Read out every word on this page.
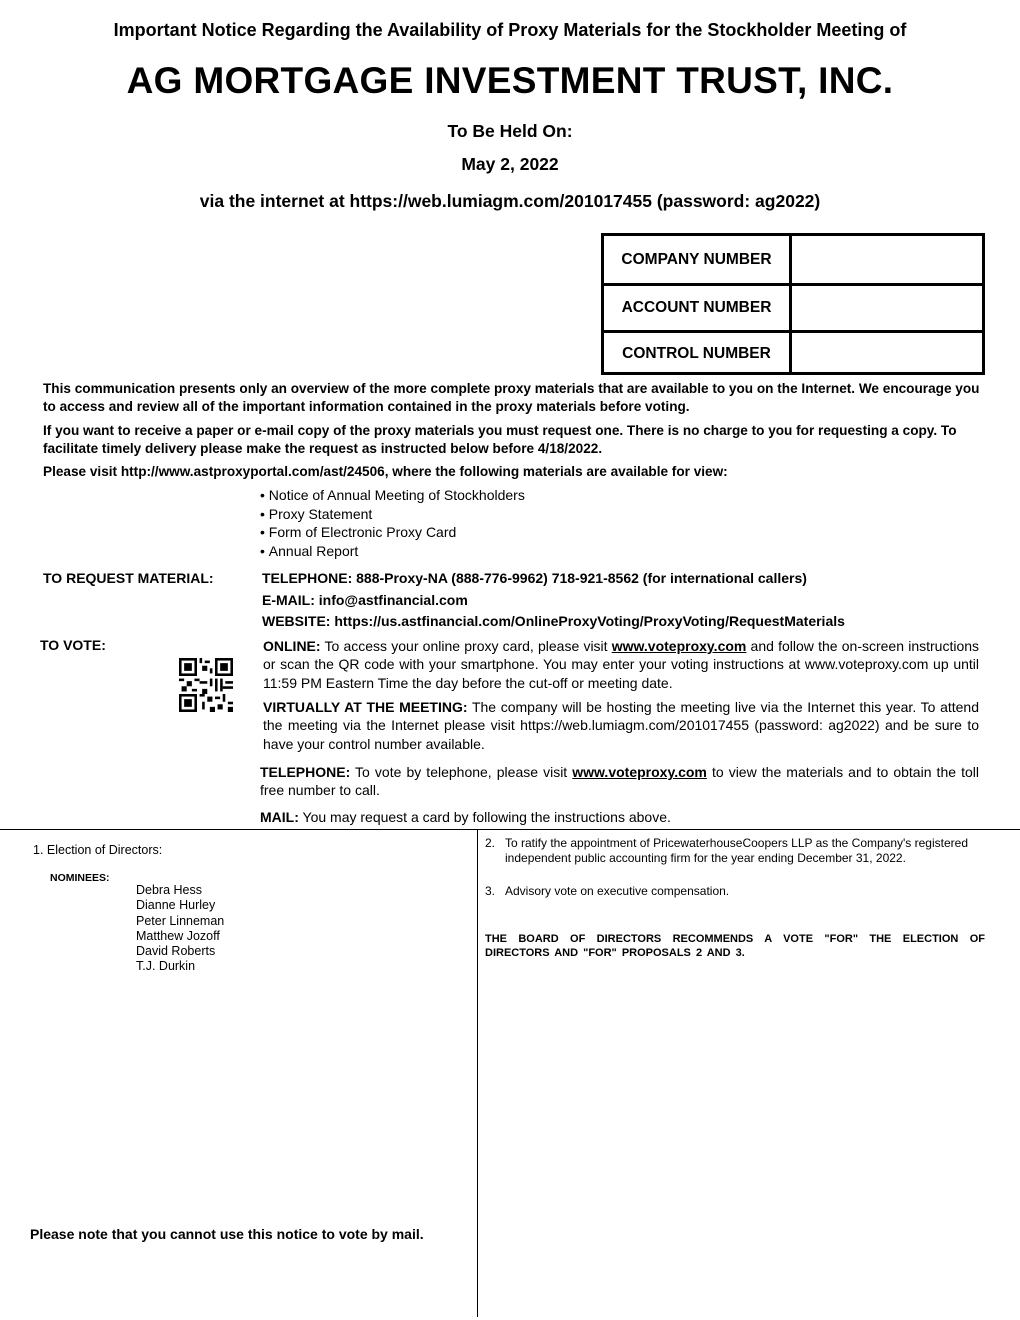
Important Notice Regarding the Availability of Proxy Materials for the Stockholder Meeting of
AG MORTGAGE INVESTMENT TRUST, INC.
To Be Held On:
May 2, 2022
via the internet at https://web.lumiagm.com/201017455 (password: ag2022)
COMPANY NUMBER
ACCOUNT NUMBER
CONTROL NUMBER
This communication presents only an overview of the more complete proxy materials that are available to you on the Internet. We encourage you to access and review all of the important information contained in the proxy materials before voting.
If you want to receive a paper or e-mail copy of the proxy materials you must request one. There is no charge to you for requesting a copy. To facilitate timely delivery please make the request as instructed below before 4/18/2022.
Please visit http://www.astproxyportal.com/ast/24506, where the following materials are available for view:
• Notice of Annual Meeting of Stockholders
• Proxy Statement
• Form of Electronic Proxy Card
• Annual Report
TO REQUEST MATERIAL:	TELEPHONE: 888-Proxy-NA (888-776-9962) 718-921-8562 (for international callers)
E-MAIL: info@astfinancial.com
WEBSITE: https://us.astfinancial.com/OnlineProxyVoting/ProxyVoting/RequestMaterials
TO VOTE:	ONLINE: To access your online proxy card, please visit www.voteproxy.com and follow the on-screen instructions or scan the QR code with your smartphone. You may enter your voting instructions at www.voteproxy.com up until 11:59 PM Eastern Time the day before the cut-off or meeting date.
VIRTUALLY AT THE MEETING: The company will be hosting the meeting live via the Internet this year. To attend the meeting via the Internet please visit https://web.lumiagm.com/201017455 (password: ag2022) and be sure to have your control number available.
TELEPHONE: To vote by telephone, please visit www.voteproxy.com to view the materials and to obtain the toll free number to call.
MAIL: You may request a card by following the instructions above.
1. Election of Directors:
NOMINEES:
Debra Hess
Dianne Hurley
Peter Linneman
Matthew Jozoff
David Roberts
T.J. Durkin
2. To ratify the appointment of PricewaterhouseCoopers LLP as the Company's registered independent public accounting firm for the year ending December 31, 2022.
3. Advisory vote on executive compensation.
THE BOARD OF DIRECTORS RECOMMENDS A VOTE "FOR" THE ELECTION OF DIRECTORS AND "FOR" PROPOSALS 2 AND 3.
Please note that you cannot use this notice to vote by mail.
